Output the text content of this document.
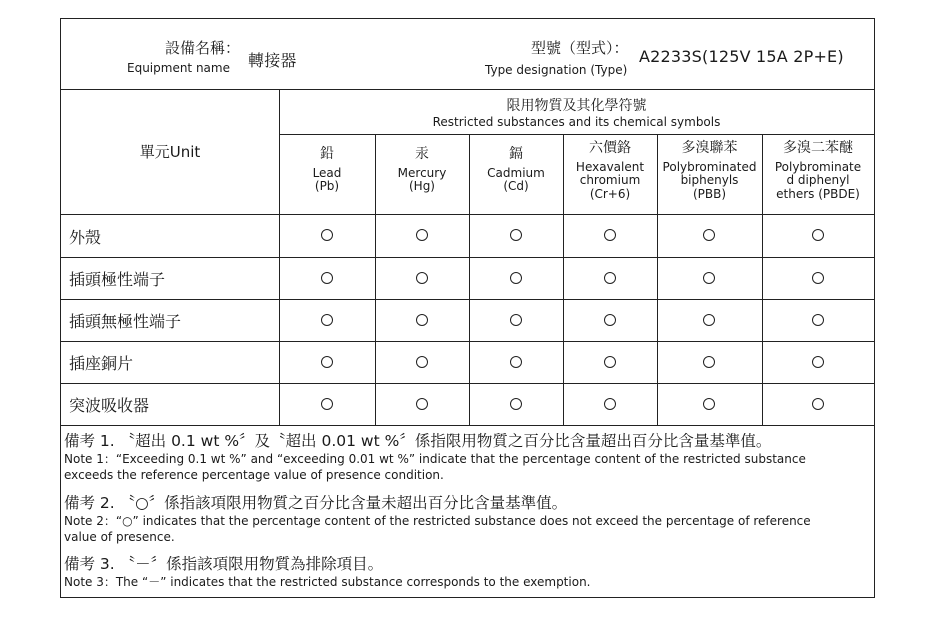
設備名稱：
Equipment name 轉接器
型號（型式）：
Type designation (Type)
A2233S(125V 15A 2P+E)
限用物質及其化學符號
Restricted substances and its chemical symbols
單元Unit	鉛
Lead
(Pb)
汞
Mercury
(Hg)
鎘
Cadmium
(Cd)
六價鉻
Hexavalent
chromium
(Cr+6)
多溴聯苯
Polybrominated
biphenyls
(PBB)
多溴二苯醚
Polybrominate
d diphenyl
ethers (PBDE)
外殼
插頭極性端子
插頭無極性端子
插座銅片
突波吸收器
備考 1. 〝超出 0.1 wt %〞及〝超出 0.01 wt %〞係指限用物質之百分比含量超出百分比含量基準值。
Note 1：“Exceeding 0.1 wt %” and “exceeding 0.01 wt %” indicate that the percentage content of the restricted substance
exceeds the reference percentage value of presence condition.
備考 2. 〝○〞係指該項限用物質之百分比含量未超出百分比含量基準值。
Note 2：“○” indicates that the percentage content of the restricted substance does not exceed the percentage of reference
value of presence.
備考 3. 〝－〞係指該項限用物質為排除項目。
Note 3：The “－” indicates that the restricted substance corresponds to the exemption.
